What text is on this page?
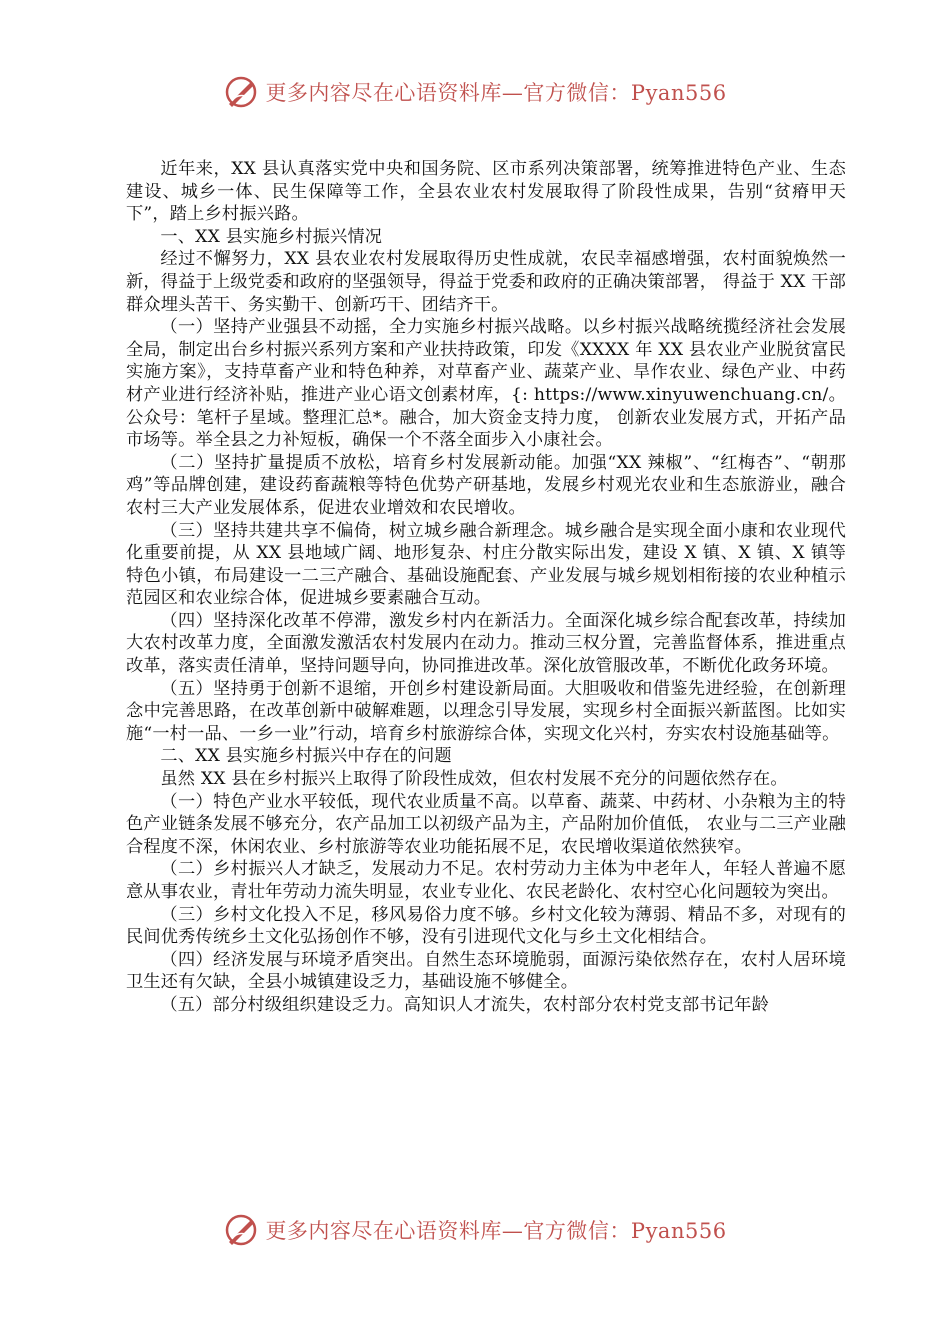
更多内容尽在心语资料库—官方微信：Pyan556

近年来，XX 县认真落实党中央和国务院、区市系列决策部署，统筹推进特色产业、生态建设、城乡一体、民生保障等工作，全县农业农村发展取得了阶段性成果，告别“贫瘠甲天下”，踏上乡村振兴路。

一、XX 县实施乡村振兴情况

经过不懈努力，XX 县农业农村发展取得历史性成就，农民幸福感增强，农村面貌焕然一新，得益于上级党委和政府的坚强领导，得益于党委和政府的正确决策部署， 得益于 XX 干部群众埋头苦干、务实勤干、创新巧干、团结齐干。

（一）坚持产业强县不动摇，全力实施乡村振兴战略。以乡村振兴战略统揽经济社会发展全局，制定出台乡村振兴系列方案和产业扶持政策，印发《XXXX 年 XX 县农业产业脱贫富民实施方案》，支持草畜产业和特色种养，对草畜产业、蔬菜产业、旱作农业、绿色产业、中药材产业进行经济补贴，推进产业心语文创素材库，{: https://www.xinyuwenchuang.cn/。公众号：笔杆子星域。整理汇总*。融合，加大资金支持力度， 创新农业发展方式，开拓产品市场等。举全县之力补短板，确保一个不落全面步入小康社会。

（二）坚持扩量提质不放松，培育乡村发展新动能。加强“XX 辣椒”、“红梅杏”、“朝那鸡”等品牌创建，建设药畜蔬粮等特色优势产研基地，发展乡村观光农业和生态旅游业，融合农村三大产业发展体系，促进农业增效和农民增收。

（三）坚持共建共享不偏倚，树立城乡融合新理念。城乡融合是实现全面小康和农业现代化重要前提，从 XX 县地域广阔、地形复杂、村庄分散实际出发，建设 X 镇、X 镇、X 镇等特色小镇，布局建设一二三产融合、基础设施配套、产业发展与城乡规划相衔接的农业种植示范园区和农业综合体，促进城乡要素融合互动。

（四）坚持深化改革不停滞，激发乡村内在新活力。全面深化城乡综合配套改革，持续加大农村改革力度，全面激发激活农村发展内在动力。推动三权分置，完善监督体系，推进重点改革，落实责任清单，坚持问题导向，协同推进改革。深化放管服改革，不断优化政务环境。

（五）坚持勇于创新不退缩，开创乡村建设新局面。大胆吸收和借鉴先进经验，在创新理念中完善思路，在改革创新中破解难题，以理念引导发展，实现乡村全面振兴新蓝图。比如实施“一村一品、一乡一业”行动，培育乡村旅游综合体，实现文化兴村，夯实农村设施基础等。

二、XX 县实施乡村振兴中存在的问题

虽然 XX 县在乡村振兴上取得了阶段性成效，但农村发展不充分的问题依然存在。

（一）特色产业水平较低，现代农业质量不高。以草畜、蔬菜、中药材、小杂粮为主的特色产业链条发展不够充分，农产品加工以初级产品为主，产品附加价值低， 农业与二三产业融合程度不深，休闲农业、乡村旅游等农业功能拓展不足，农民增收渠道依然狭窄。

（二）乡村振兴人才缺乏，发展动力不足。农村劳动力主体为中老年人，年轻人普遍不愿意从事农业，青壮年劳动力流失明显，农业专业化、农民老龄化、农村空心化问题较为突出。

（三）乡村文化投入不足，移风易俗力度不够。乡村文化较为薄弱、精品不多，对现有的民间优秀传统乡土文化弘扬创作不够，没有引进现代文化与乡土文化相结合。

（四）经济发展与环境矛盾突出。自然生态环境脆弱，面源污染依然存在，农村人居环境卫生还有欠缺，全县小城镇建设乏力，基础设施不够健全。

（五）部分村级组织建设乏力。高知识人才流失，农村部分农村党支部书记年龄

更多内容尽在心语资料库—官方微信：Pyan556
